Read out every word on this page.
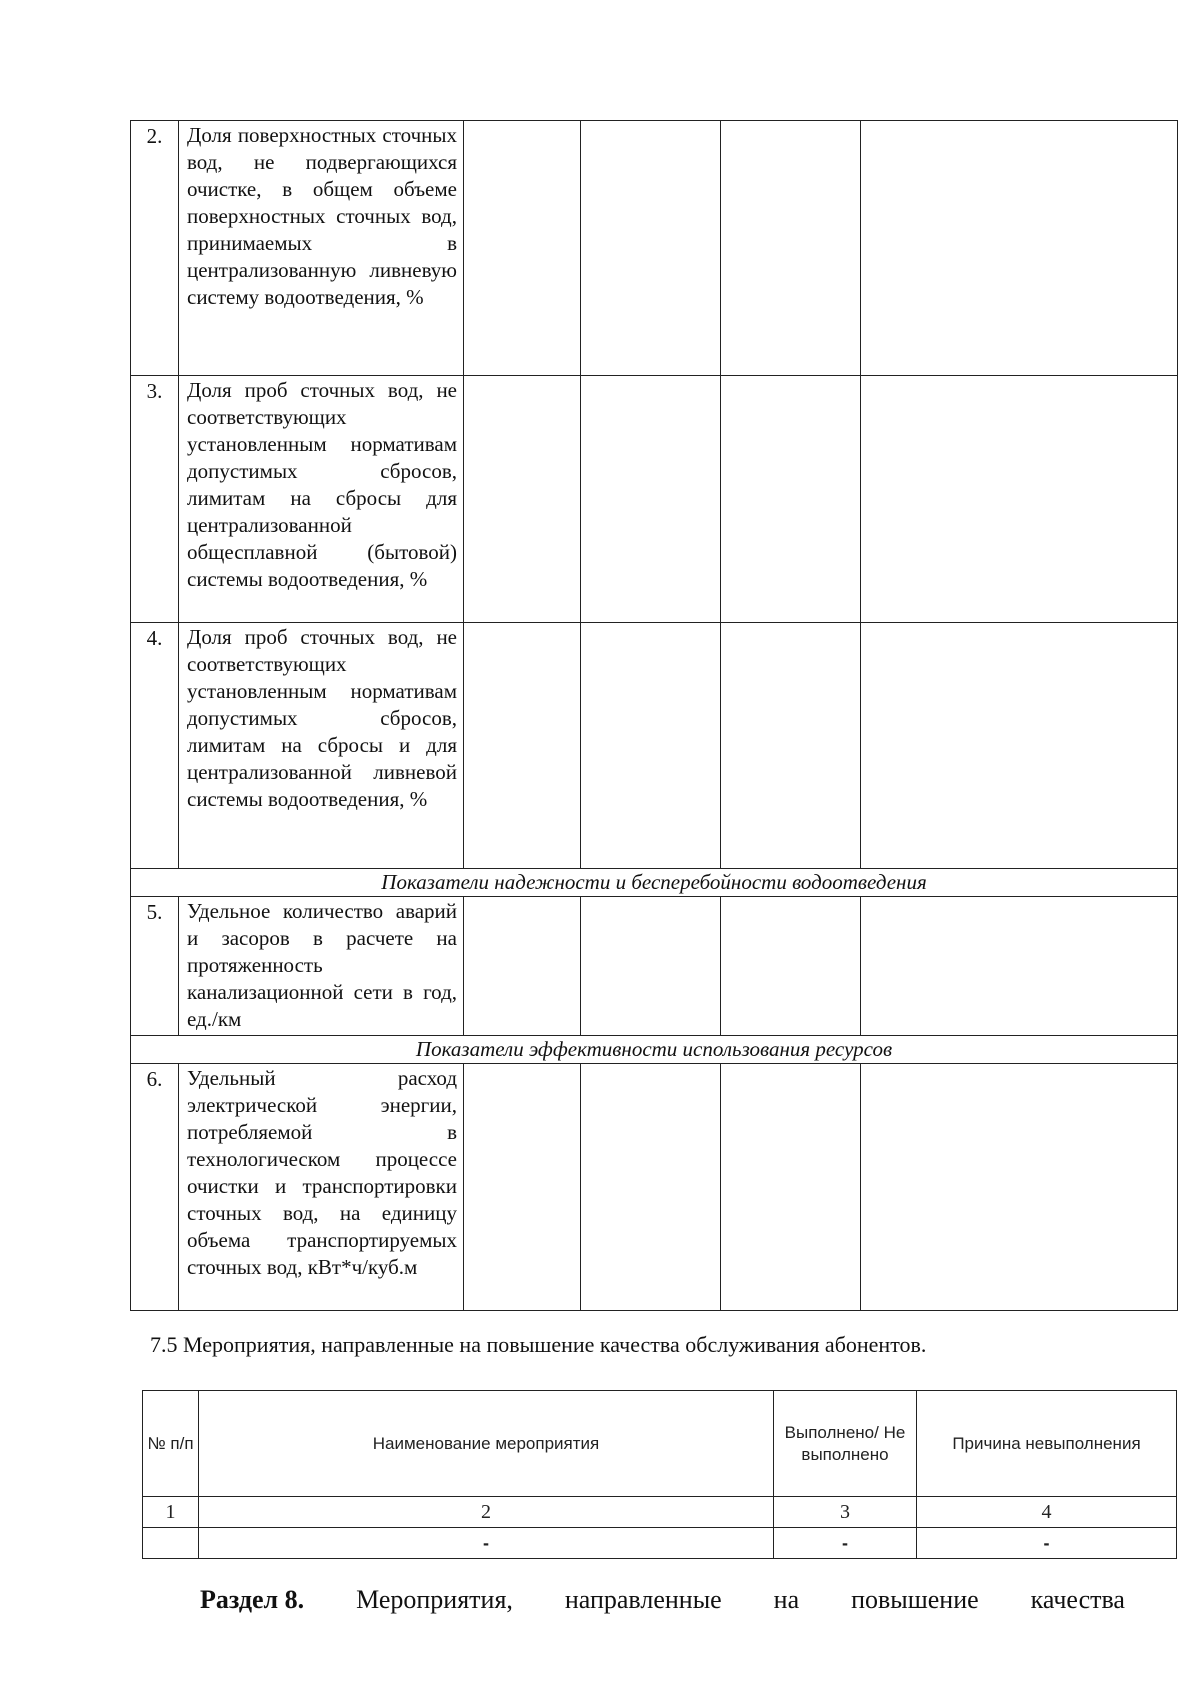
2.	Доля поверхностных сточных вод, не подвергающихся очистке, в общем объеме поверхностных сточных вод, принимаемых в централизованную ливневую систему водоотведения, %				
3.	Доля проб сточных вод, не соответствующих установленным нормативам допустимых сбросов, лимитам на сбросы для централизованной общесплавной (бытовой) системы водоотведения, %				
4.	Доля проб сточных вод, не соответствующих установленным нормативам допустимых сбросов, лимитам на сбросы и для централизованной ливневой системы водоотведения, %				
Показатели надежности и бесперебойности водоотведения					
5.	Удельное количество аварий и засоров в расчете на протяженность канализационной сети в год, ед./км				
Показатели эффективности использования ресурсов					
6.	Удельный расход электрической энергии, потребляемой в технологическом процессе очистки и транспортировки сточных вод, на единицу объема транспортируемых сточных вод, кВт*ч/куб.м				
7.5 Мероприятия, направленные на повышение качества обслуживания абонентов.
№ п/п	Наименование мероприятия	Выполнено/ Не выполнено	Причина невыполнения
1	2	3	4
	-	-	-
Раздел 8. Мероприятия, направленные на повышение качества
